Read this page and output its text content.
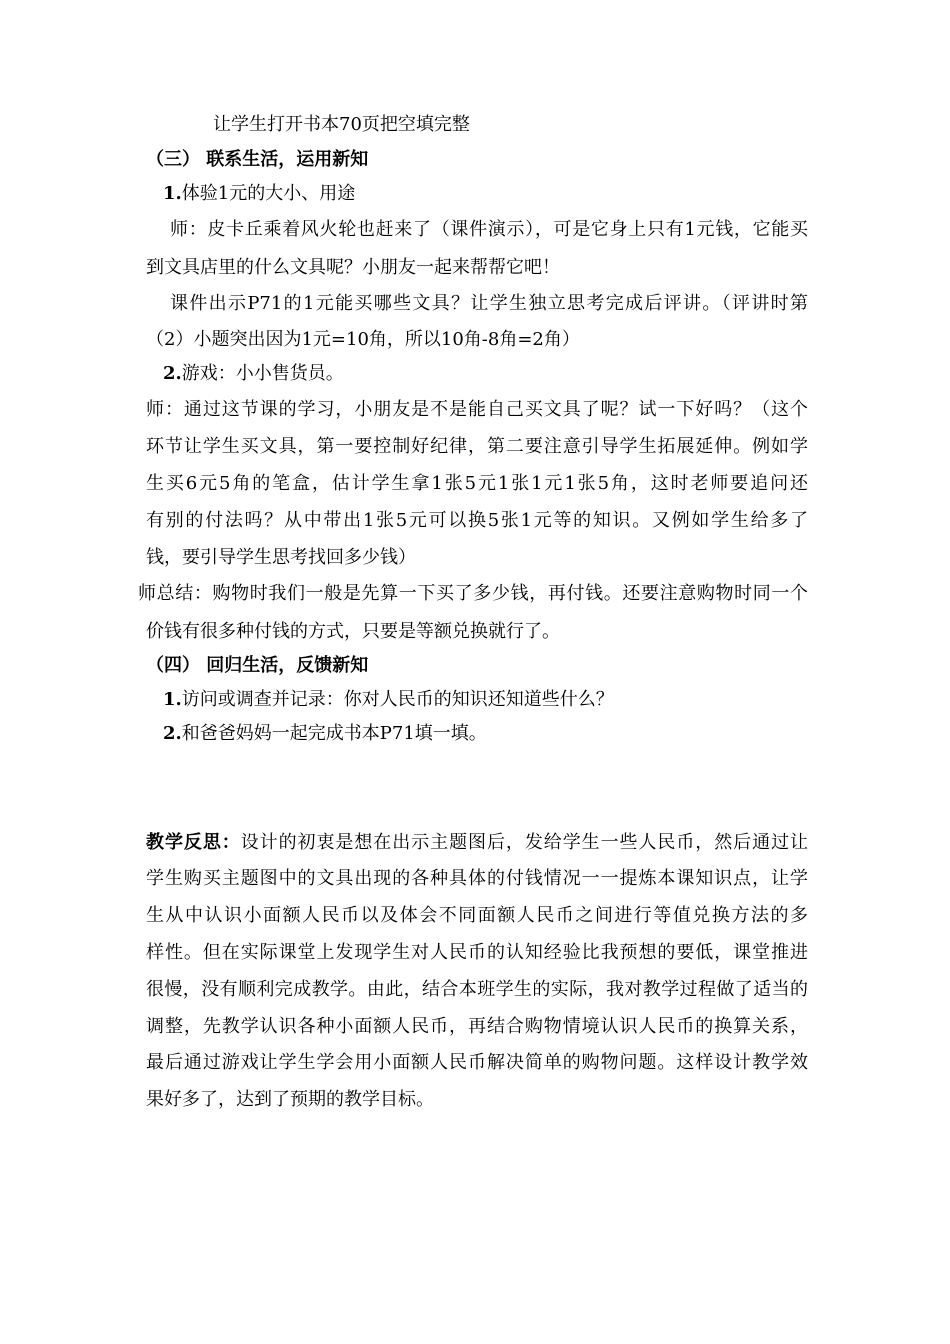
让学生打开书本70页把空填完整
（三） 联系生活，运用新知
1.体验1元的大小、用途
师：皮卡丘乘着风火轮也赶来了（课件演示），可是它身上只有1元钱，它能买
到文具店里的什么文具呢？小朋友一起来帮帮它吧！
课件出示P71的1元能买哪些文具？让学生独立思考完成后评讲。（评讲时第
（2）小题突出因为1元=10角，所以10角-8角=2角）
2.游戏：小小售货员。
师：通过这节课的学习，小朋友是不是能自己买文具了呢？试一下好吗？（这个
环节让学生买文具，第一要控制好纪律，第二要注意引导学生拓展延伸。例如学
生买6元5角的笔盒，估计学生拿1张5元1张1元1张5角，这时老师要追问还
有别的付法吗？从中带出1张5元可以换5张1元等的知识。又例如学生给多了
钱，要引导学生思考找回多少钱）
师总结：购物时我们一般是先算一下买了多少钱，再付钱。还要注意购物时同一个
价钱有很多种付钱的方式，只要是等额兑换就行了。
（四） 回归生活，反馈新知
1.访问或调查并记录：你对人民币的知识还知道些什么？
2.和爸爸妈妈一起完成书本P71填一填。
教学反思：设计的初衷是想在出示主题图后，发给学生一些人民币，然后通过让
学生购买主题图中的文具出现的各种具体的付钱情况一一提炼本课知识点，让学
生从中认识小面额人民币以及体会不同面额人民币之间进行等值兑换方法的多
样性。但在实际课堂上发现学生对人民币的认知经验比我预想的要低，课堂推进
很慢，没有顺利完成教学。由此，结合本班学生的实际，我对教学过程做了适当的
调整，先教学认识各种小面额人民币，再结合购物情境认识人民币的换算关系，
最后通过游戏让学生学会用小面额人民币解决简单的购物问题。这样设计教学效
果好多了，达到了预期的教学目标。
